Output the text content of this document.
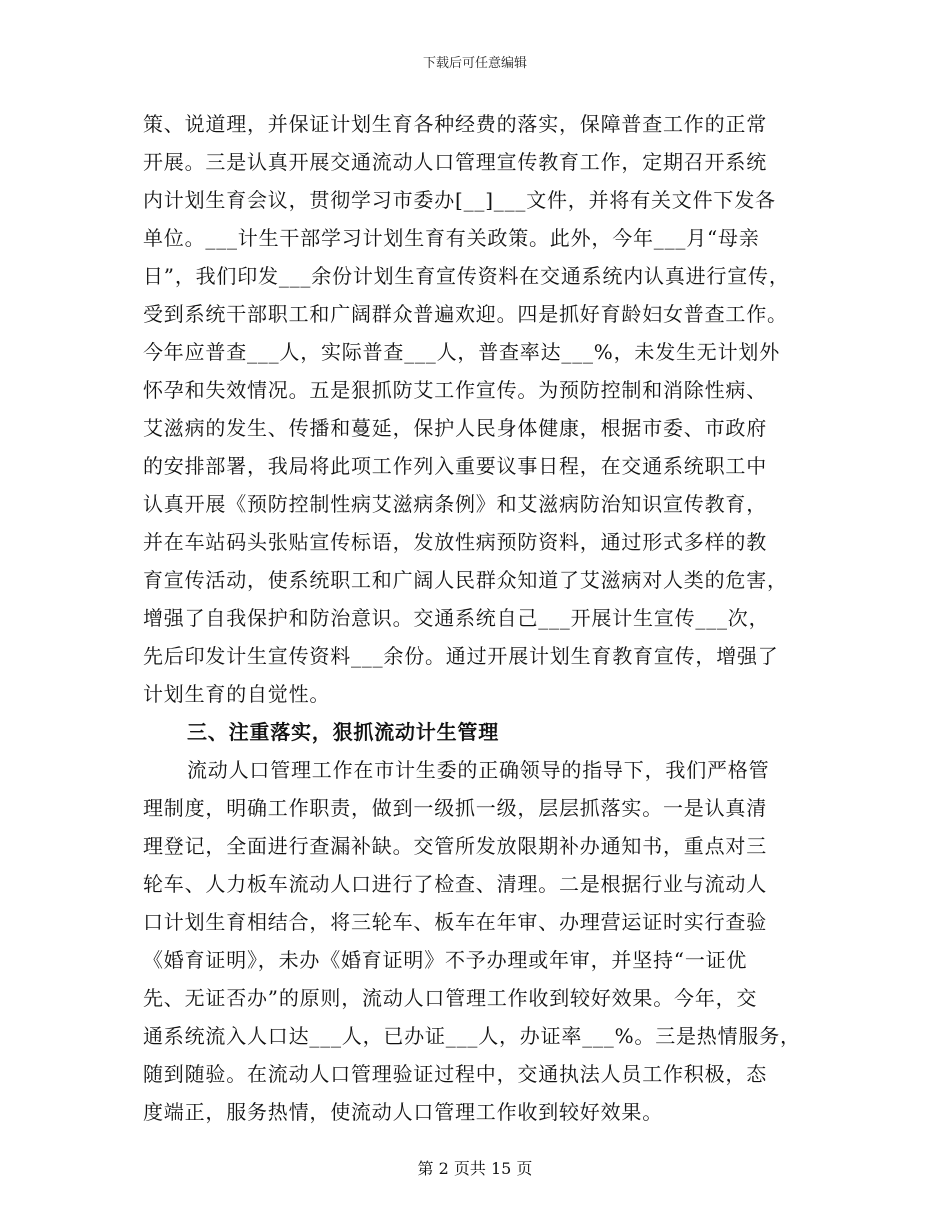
下载后可任意编辑
策、说道理，并保证计划生育各种经费的落实，保障普查工作的正常
开展。三是认真开展交通流动人口管理宣传教育工作，定期召开系统
内计划生育会议，贯彻学习市委办[__]___文件，并将有关文件下发各
单位。___计生干部学习计划生育有关政策。此外，今年___月“母亲
日”，我们印发___余份计划生育宣传资料在交通系统内认真进行宣传，
受到系统干部职工和广阔群众普遍欢迎。四是抓好育龄妇女普查工作。
今年应普查___人，实际普查___人，普查率达___%，未发生无计划外
怀孕和失效情况。五是狠抓防艾工作宣传。为预防控制和消除性病、
艾滋病的发生、传播和蔓延，保护人民身体健康，根据市委、市政府
的安排部署，我局将此项工作列入重要议事日程，在交通系统职工中
认真开展《预防控制性病艾滋病条例》和艾滋病防治知识宣传教育，
并在车站码头张贴宣传标语，发放性病预防资料，通过形式多样的教
育宣传活动，使系统职工和广阔人民群众知道了艾滋病对人类的危害，
增强了自我保护和防治意识。交通系统自己___开展计生宣传___次，
先后印发计生宣传资料___余份。通过开展计划生育教育宣传，增强了
计划生育的自觉性。
三、注重落实，狠抓流动计生管理
流动人口管理工作在市计生委的正确领导的指导下，我们严格管
理制度，明确工作职责，做到一级抓一级，层层抓落实。一是认真清
理登记，全面进行查漏补缺。交管所发放限期补办通知书，重点对三
轮车、人力板车流动人口进行了检查、清理。二是根据行业与流动人
口计划生育相结合，将三轮车、板车在年审、办理营运证时实行查验
《婚育证明》，未办《婚育证明》不予办理或年审，并坚持“一证优
先、无证否办”的原则，流动人口管理工作收到较好效果。今年，交
通系统流入人口达___人，已办证___人，办证率___%。三是热情服务，
随到随验。在流动人口管理验证过程中，交通执法人员工作积极，态
度端正，服务热情，使流动人口管理工作收到较好效果。
第 2 页共 15 页
